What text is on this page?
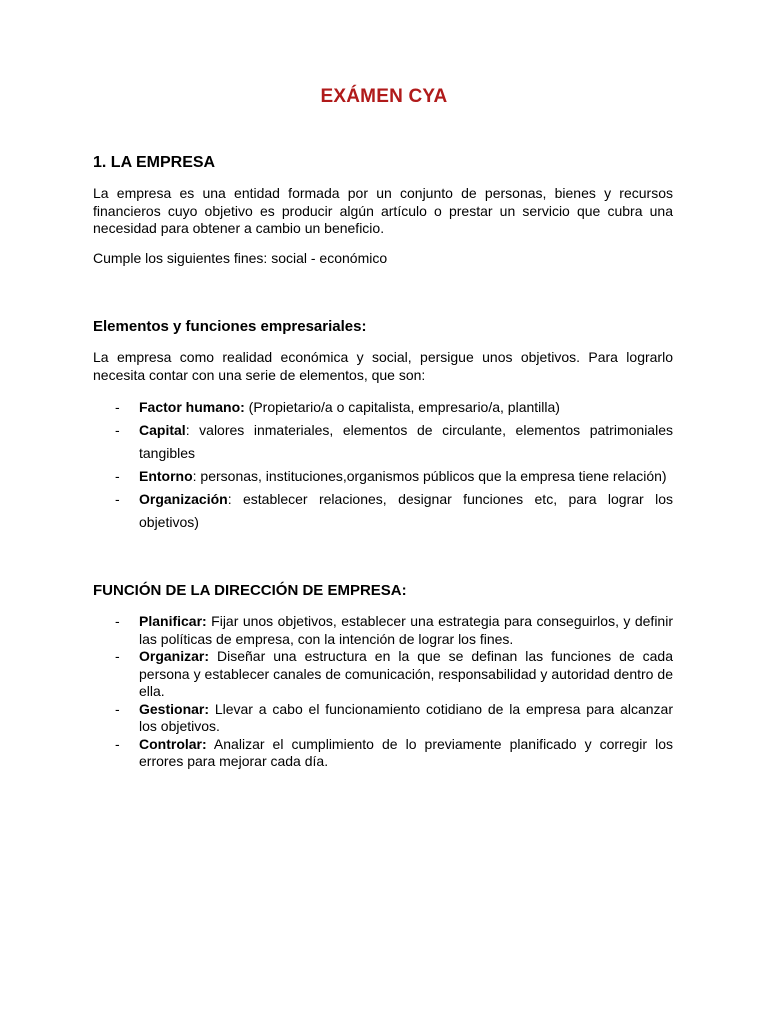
EXÁMEN CYA
1. LA EMPRESA
La empresa es una entidad formada por un conjunto de personas, bienes y recursos financieros cuyo objetivo es producir algún artículo o prestar un servicio que cubra una necesidad para obtener a cambio un beneficio.
Cumple los siguientes fines: social - económico
Elementos y funciones empresariales:
La empresa como realidad económica y social, persigue unos objetivos. Para lograrlo necesita contar con una serie de elementos, que son:
- Factor humano: (Propietario/a o capitalista, empresario/a, plantilla)
- Capital: valores inmateriales, elementos de circulante, elementos patrimoniales tangibles
- Entorno: personas, instituciones,organismos públicos que la empresa tiene relación)
- Organización: establecer relaciones, designar funciones etc, para lograr los objetivos)
FUNCIÓN DE LA DIRECCIÓN DE EMPRESA:
- Planificar: Fijar unos objetivos, establecer una estrategia para conseguirlos, y definir las políticas de empresa, con la intención de lograr los fines.
- Organizar: Diseñar una estructura en la que se definan las funciones de cada persona y establecer canales de comunicación, responsabilidad y autoridad dentro de ella.
- Gestionar: Llevar a cabo el funcionamiento cotidiano de la empresa para alcanzar los objetivos.
- Controlar: Analizar el cumplimiento de lo previamente planificado y corregir los errores para mejorar cada día.
